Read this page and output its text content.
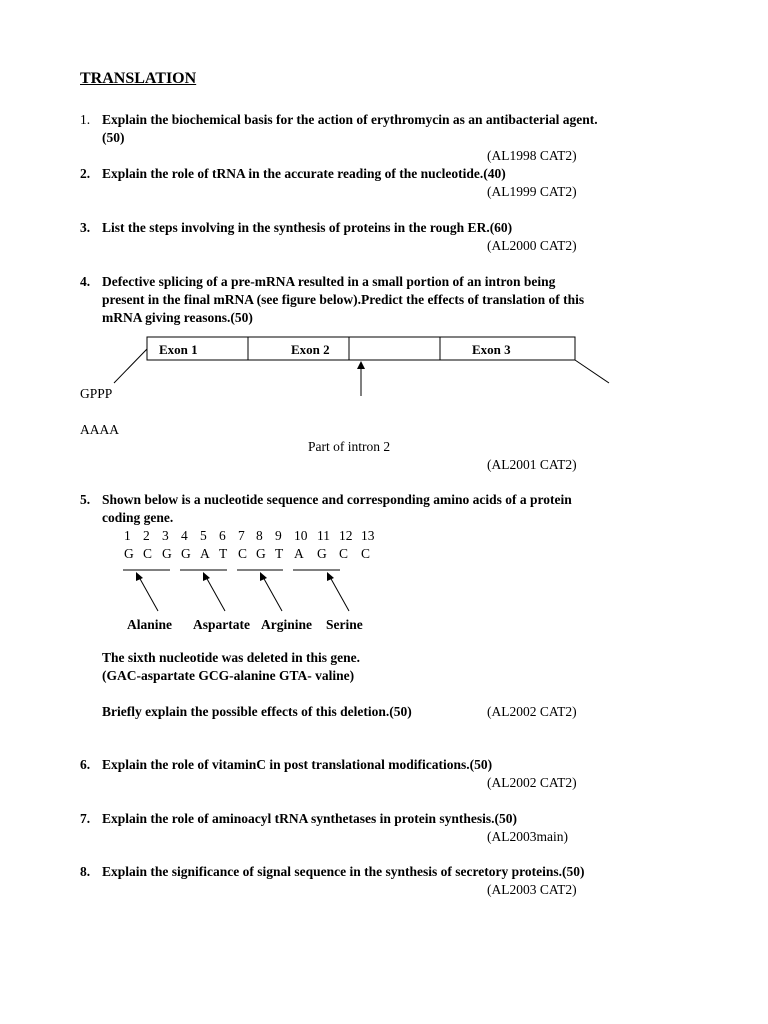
TRANSLATION
1. Explain the biochemical basis for the action of erythromycin as an antibacterial agent.
(50)
(AL1998 CAT2)
2. Explain the role of tRNA in the accurate reading of the nucleotide.(40)
(AL1999 CAT2)
3. List the steps involving in the synthesis of proteins in the rough ER.(60)
(AL2000 CAT2)
4. Defective splicing of a pre-mRNA resulted in a small portion of an intron being
present in the final mRNA (see figure below).Predict the effects of translation of this
mRNA giving reasons.(50)
Exon 1	Exon 2	Exon 3
GPPP
AAAA
Part of intron 2
(AL2001 CAT2)
5. Shown below is a nucleotide sequence and corresponding amino acids of a protein
coding gene.
1 2 3 4 5 6 7 8 9 10 11 12 13
G C G G A T C G T A G C C
Alanine Aspartate Arginine Serine
The sixth nucleotide was deleted in this gene.
(GAC-aspartate GCG-alanine GTA- valine)
Briefly explain the possible effects of this deletion.(50)	(AL2002 CAT2)
6. Explain the role of vitaminC in post translational modifications.(50)
(AL2002 CAT2)
7. Explain the role of aminoacyl tRNA synthetases in protein synthesis.(50)
(AL2003main)
8. Explain the significance of signal sequence in the synthesis of secretory proteins.(50)
(AL2003 CAT2)
